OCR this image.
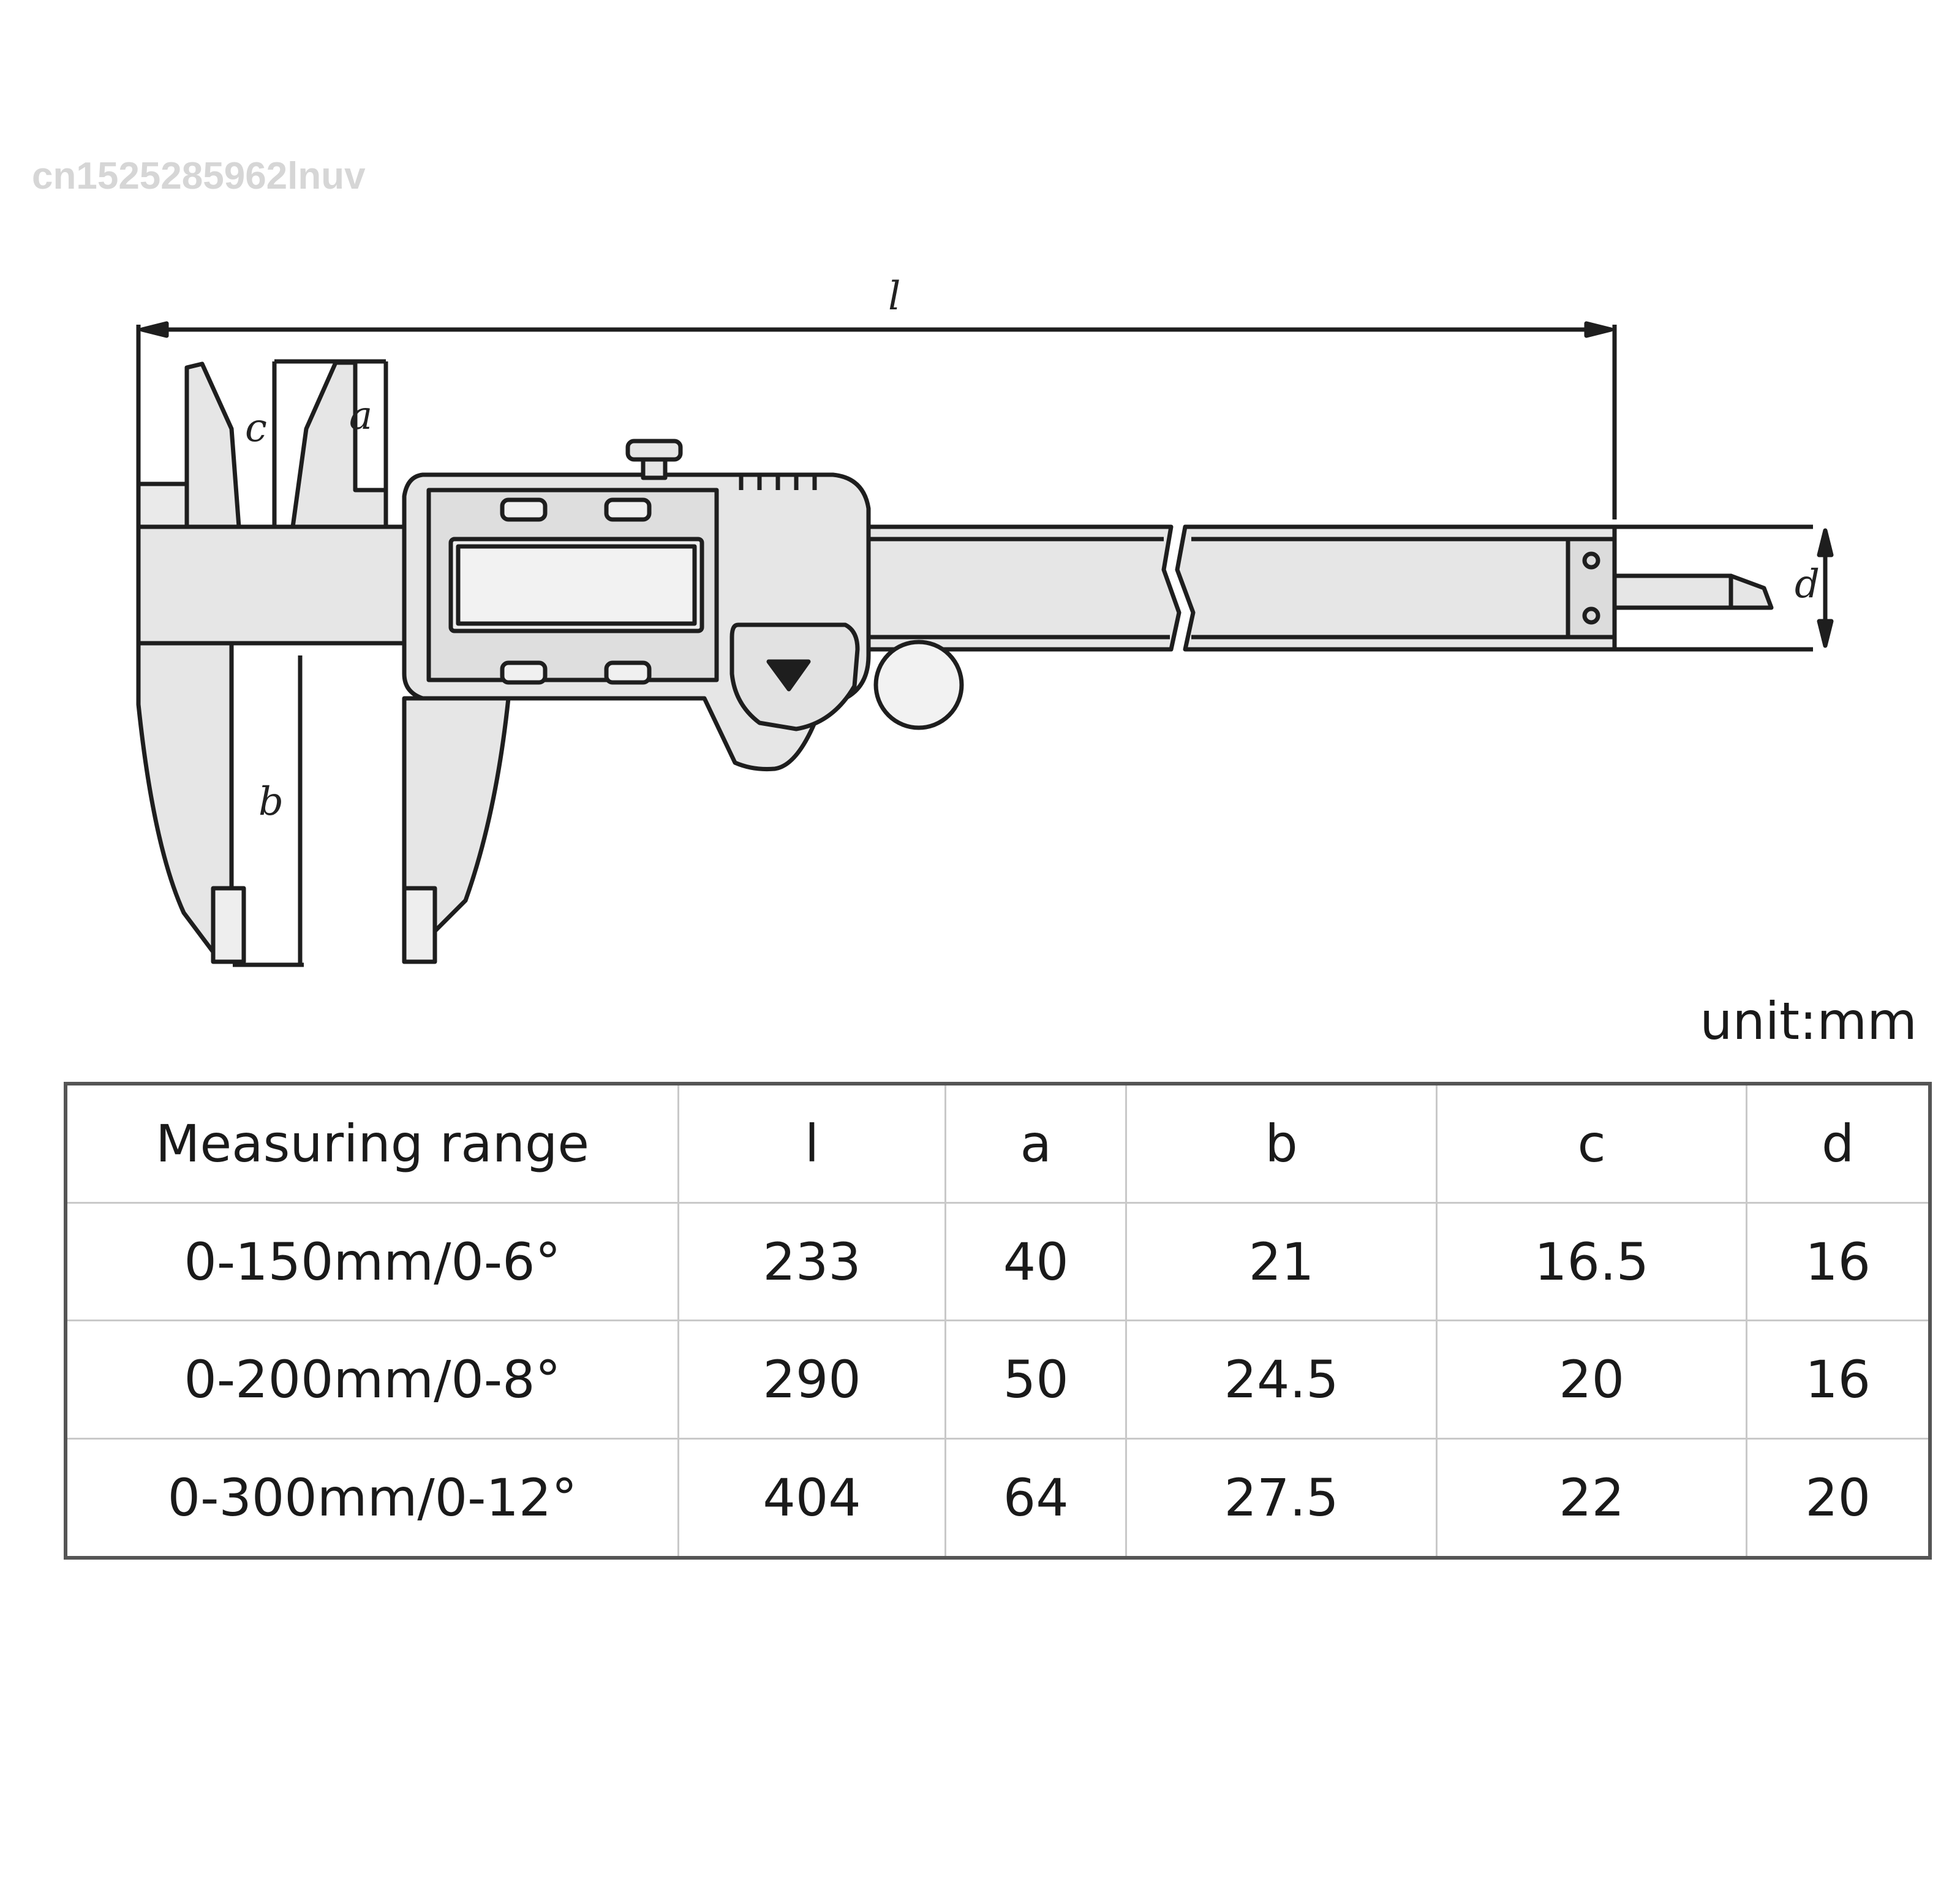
cn1525285962lnuv
l
c a
b
d
unit:mm
Measuring range	l	a	b	c	d
0-150mm/0-6°	233	40	21	16.5	16
0-200mm/0-8°	290	50	24.5	20	16
0-300mm/0-12°	404	64	27.5	22	20
